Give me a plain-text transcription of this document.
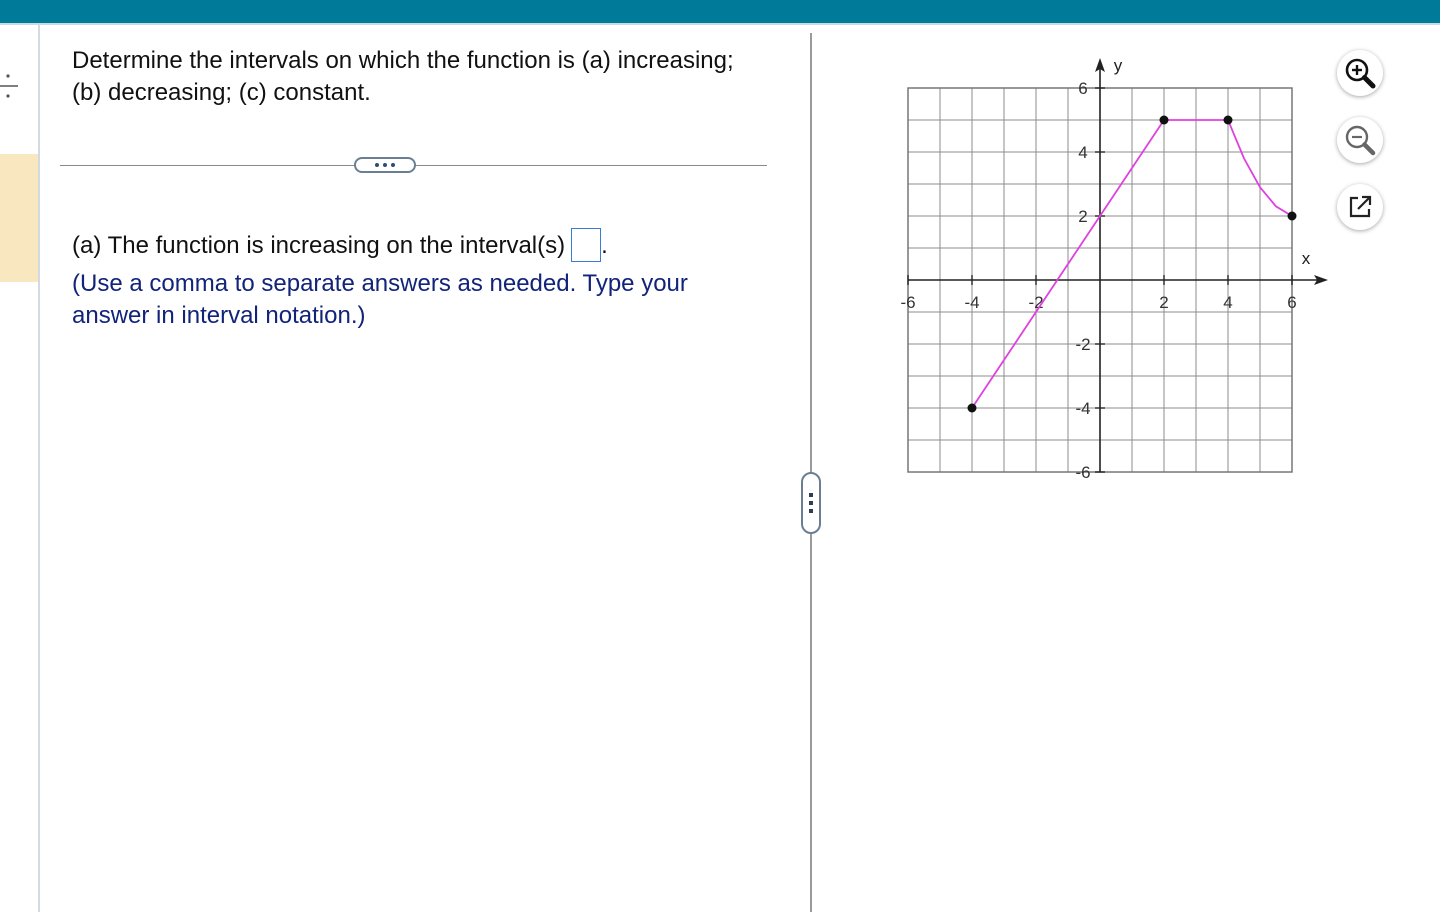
Determine the intervals on which the function is (a) increasing; (b) decreasing; (c) constant.
(a) The function is increasing on the interval(s) .
(Use a comma to separate answers as needed. Type your answer in interval notation.)
x
y
-6	-4	-2	2	4	6
6
4
2
-2
-4
-6
